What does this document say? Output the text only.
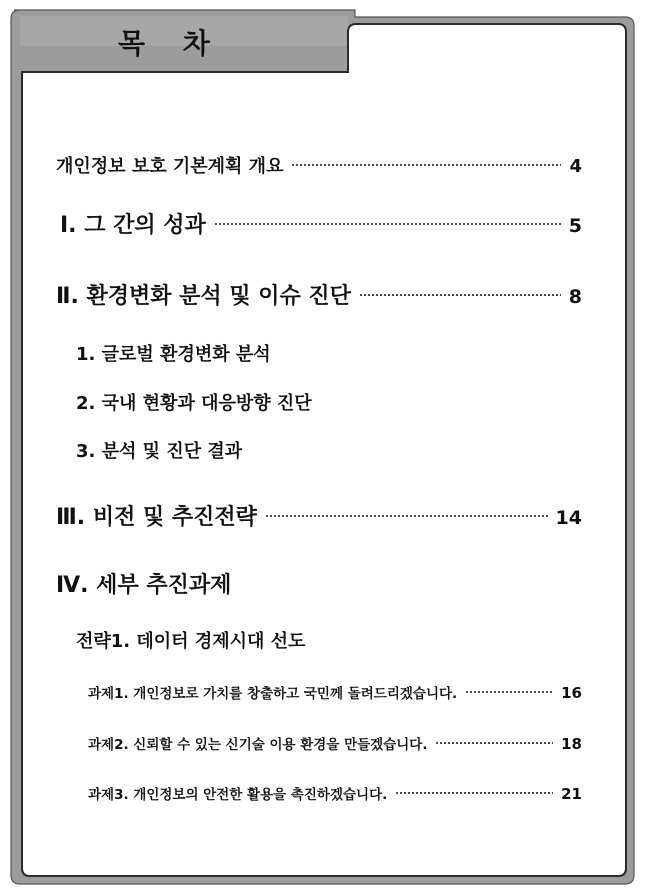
목 차
개인정보 보호 기본계획 개요	4
Ⅰ. 그 간의 성과	5
Ⅱ. 환경변화 분석 및 이슈 진단	8
1. 글로벌 환경변화 분석
2. 국내 현황과 대응방향 진단
3. 분석 및 진단 결과
Ⅲ. 비전 및 추진전략	14
Ⅳ. 세부 추진과제
전략1. 데이터 경제시대 선도
과제1. 개인정보로 가치를 창출하고 국민께 돌려드리겠습니다.	16
과제2. 신뢰할 수 있는 신기술 이용 환경을 만들겠습니다.	18
과제3. 개인정보의 안전한 활용을 촉진하겠습니다.	21
